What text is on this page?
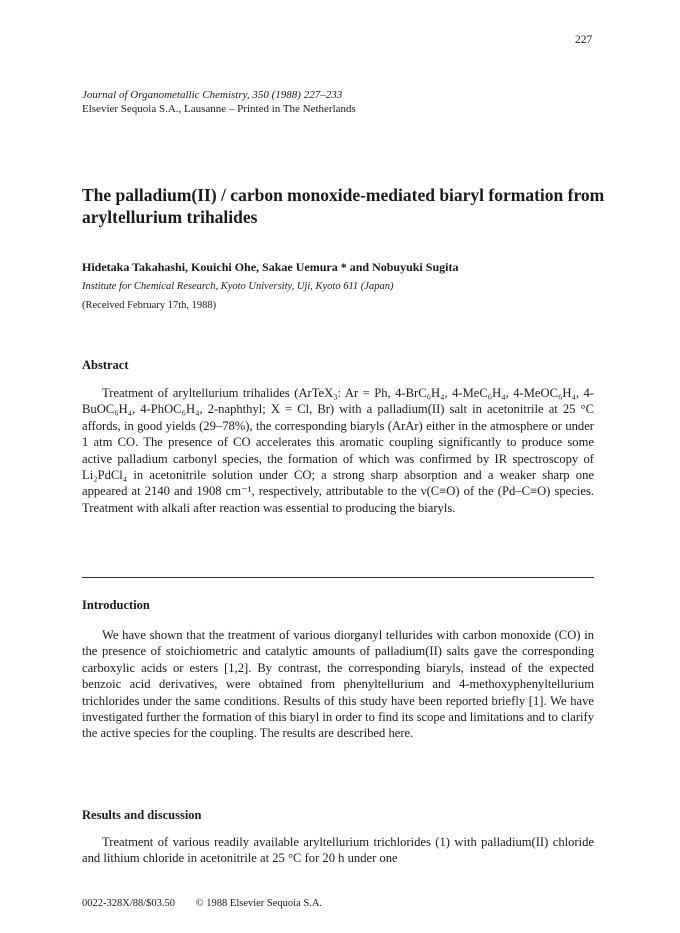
227
Journal of Organometallic Chemistry, 350 (1988) 227–233
Elsevier Sequoia S.A., Lausanne – Printed in The Netherlands
The palladium(II) / carbon monoxide-mediated biaryl formation from aryltellurium trihalides
Hidetaka Takahashi, Kouichi Ohe, Sakae Uemura * and Nobuyuki Sugita
Institute for Chemical Research, Kyoto University, Uji, Kyoto 611 (Japan)
(Received February 17th, 1988)
Abstract

Treatment of aryltellurium trihalides (ArTeX₃: Ar = Ph, 4-BrC₆H₄, 4-MeC₆H₄, 4-MeOC₆H₄, 4-BuOC₆H₄, 4-PhOC₆H₄, 2-naphthyl; X = Cl, Br) with a palladium(II) salt in acetonitrile at 25 °C affords, in good yields (29–78%), the corresponding biaryls (ArAr) either in the atmosphere or under 1 atm CO. The presence of CO accelerates this aromatic coupling significantly to produce some active palladium carbonyl species, the formation of which was confirmed by IR spectroscopy of Li₂PdCl₄ in acetonitrile solution under CO; a strong sharp absorption and a weaker sharp one appeared at 2140 and 1908 cm⁻¹, respectively, attributable to the ν(C≡O) of the (Pd–C≡O) species. Treatment with alkali after reaction was essential to producing the biaryls.

Introduction

We have shown that the treatment of various diorganyl tellurides with carbon monoxide (CO) in the presence of stoichiometric and catalytic amounts of palladium(II) salts gave the corresponding carboxylic acids or esters [1,2]. By contrast, the corresponding biaryls, instead of the expected benzoic acid derivatives, were obtained from phenyltellurium and 4-methoxyphenyltellurium trichlorides under the same conditions. Results of this study have been reported briefly [1]. We have investigated further the formation of this biaryl in order to find its scope and limitations and to clarify the active species for the coupling. The results are described here.

Results and discussion

Treatment of various readily available aryltellurium trichlorides (1) with palladium(II) chloride and lithium chloride in acetonitrile at 25 °C for 20 h under one

0022-328X/88/$03.50 © 1988 Elsevier Sequoia S.A.
